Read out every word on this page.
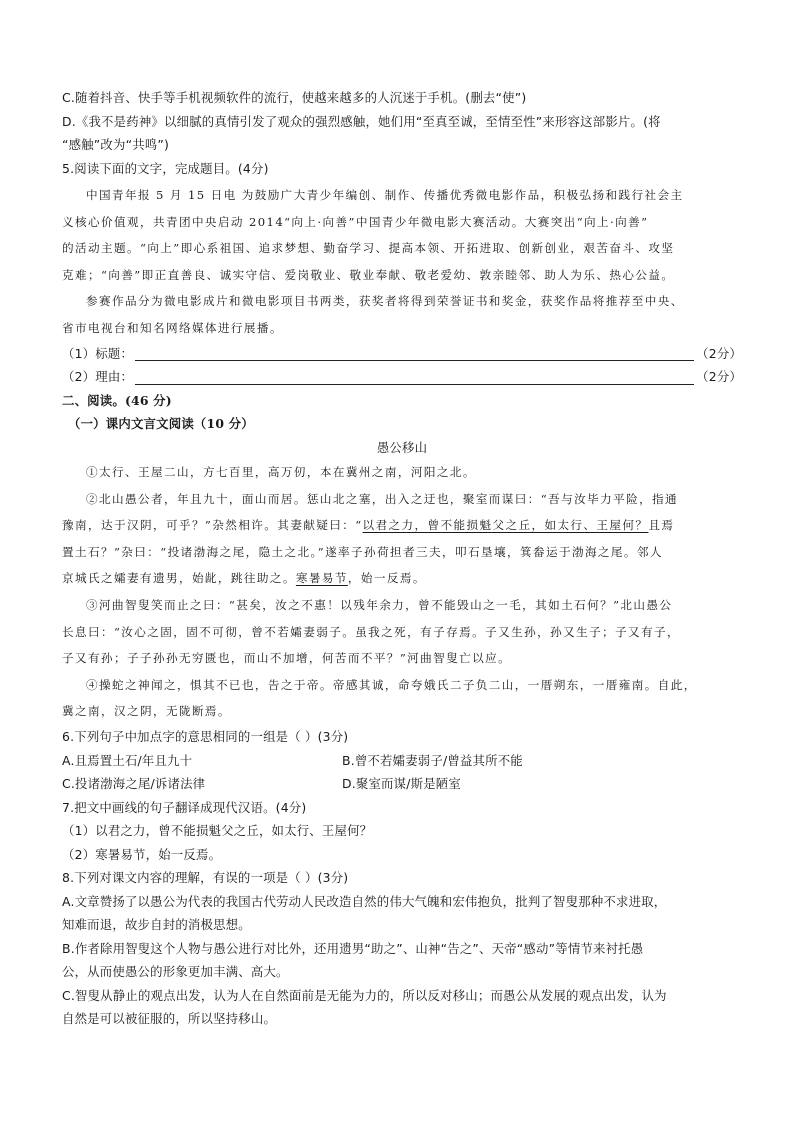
C.随着抖音、快手等手机视频软件的流行，使越来越多的人沉迷于手机。(删去“使”)
D.《我不是药神》以细腻的真情引发了观众的强烈感触，她们用“至真至诚，至情至性”来形容这部影片。(将
“感触”改为“共鸣”)
5.阅读下面的文字，完成题目。(4分)
中国青年报 5 月 15 日电 为鼓励广大青少年编创、制作、传播优秀微电影作品，积极弘扬和践行社会主
义核心价值观，共青团中央启动 2014“向上·向善”中国青少年微电影大赛活动。大赛突出“向上·向善”
的活动主题。“向上”即心系祖国、追求梦想、勤奋学习、提高本领、开拓进取、创新创业，艰苦奋斗、攻坚
克难；“向善”即正直善良、诚实守信、爱岗敬业、敬业奉献、敬老爱幼、敦亲睦邻、助人为乐、热心公益。
参赛作品分为微电影成片和微电影项目书两类，获奖者将得到荣誉证书和奖金，获奖作品将推荐至中央、
省市电视台和知名网络媒体进行展播。
（1）标题：	（2分）
（2）理由：	（2分）
二、阅读。(46 分)
（一）课内文言文阅读（10 分）
愚公移山
①太行、王屋二山，方七百里，高万仞，本在冀州之南，河阳之北。
②北山愚公者，年且九十，面山而居。惩山北之塞，出入之迂也，聚室而谋曰：“吾与汝毕力平险，指通
豫南，达于汉阴，可乎？”杂然相许。其妻献疑曰：“以君之力，曾不能损魁父之丘，如太行、王屋何？且焉
置土石？”杂曰：“投诸渤海之尾，隐土之北。”遂率子孙荷担者三夫，叩石垦壤，箕畚运于渤海之尾。邻人
京城氏之孀妻有遗男，始龀，跳往助之。寒暑易节，始一反焉。
③河曲智叟笑而止之曰：“甚矣，汝之不惠！以残年余力，曾不能毁山之一毛，其如土石何？”北山愚公
长息曰：“汝心之固，固不可彻，曾不若孀妻弱子。虽我之死，有子存焉。子又生孙，孙又生子；子又有子，
子又有孙；子子孙孙无穷匮也，而山不加增，何苦而不平？”河曲智叟亡以应。
④操蛇之神闻之，惧其不已也，告之于帝。帝感其诚，命夸娥氏二子负二山，一厝朔东，一厝雍南。自此，
冀之南，汉之阴，无陇断焉。
6.下列句子中加点字的意思相同的一组是（ ）(3分)
A.且焉置土石/年且九十	B.曾不若孀妻弱子/曾益其所不能
C.投诸渤海之尾/诉诸法律	D.聚室而谋/斯是陋室
7.把文中画线的句子翻译成现代汉语。(4分)
（1）以君之力，曾不能损魁父之丘，如太行、王屋何？
（2）寒暑易节，始一反焉。
8.下列对课文内容的理解，有误的一项是（ ）(3分)
A.文章赞扬了以愚公为代表的我国古代劳动人民改造自然的伟大气魄和宏伟抱负，批判了智叟那种不求进取，
知难而退，故步自封的消极思想。
B.作者除用智叟这个人物与愚公进行对比外，还用遗男“助之”、山神“告之”、天帝“感动”等情节来衬托愚
公，从而使愚公的形象更加丰满、高大。
C.智叟从静止的观点出发，认为人在自然面前是无能为力的，所以反对移山；而愚公从发展的观点出发，认为
自然是可以被征服的，所以坚持移山。
